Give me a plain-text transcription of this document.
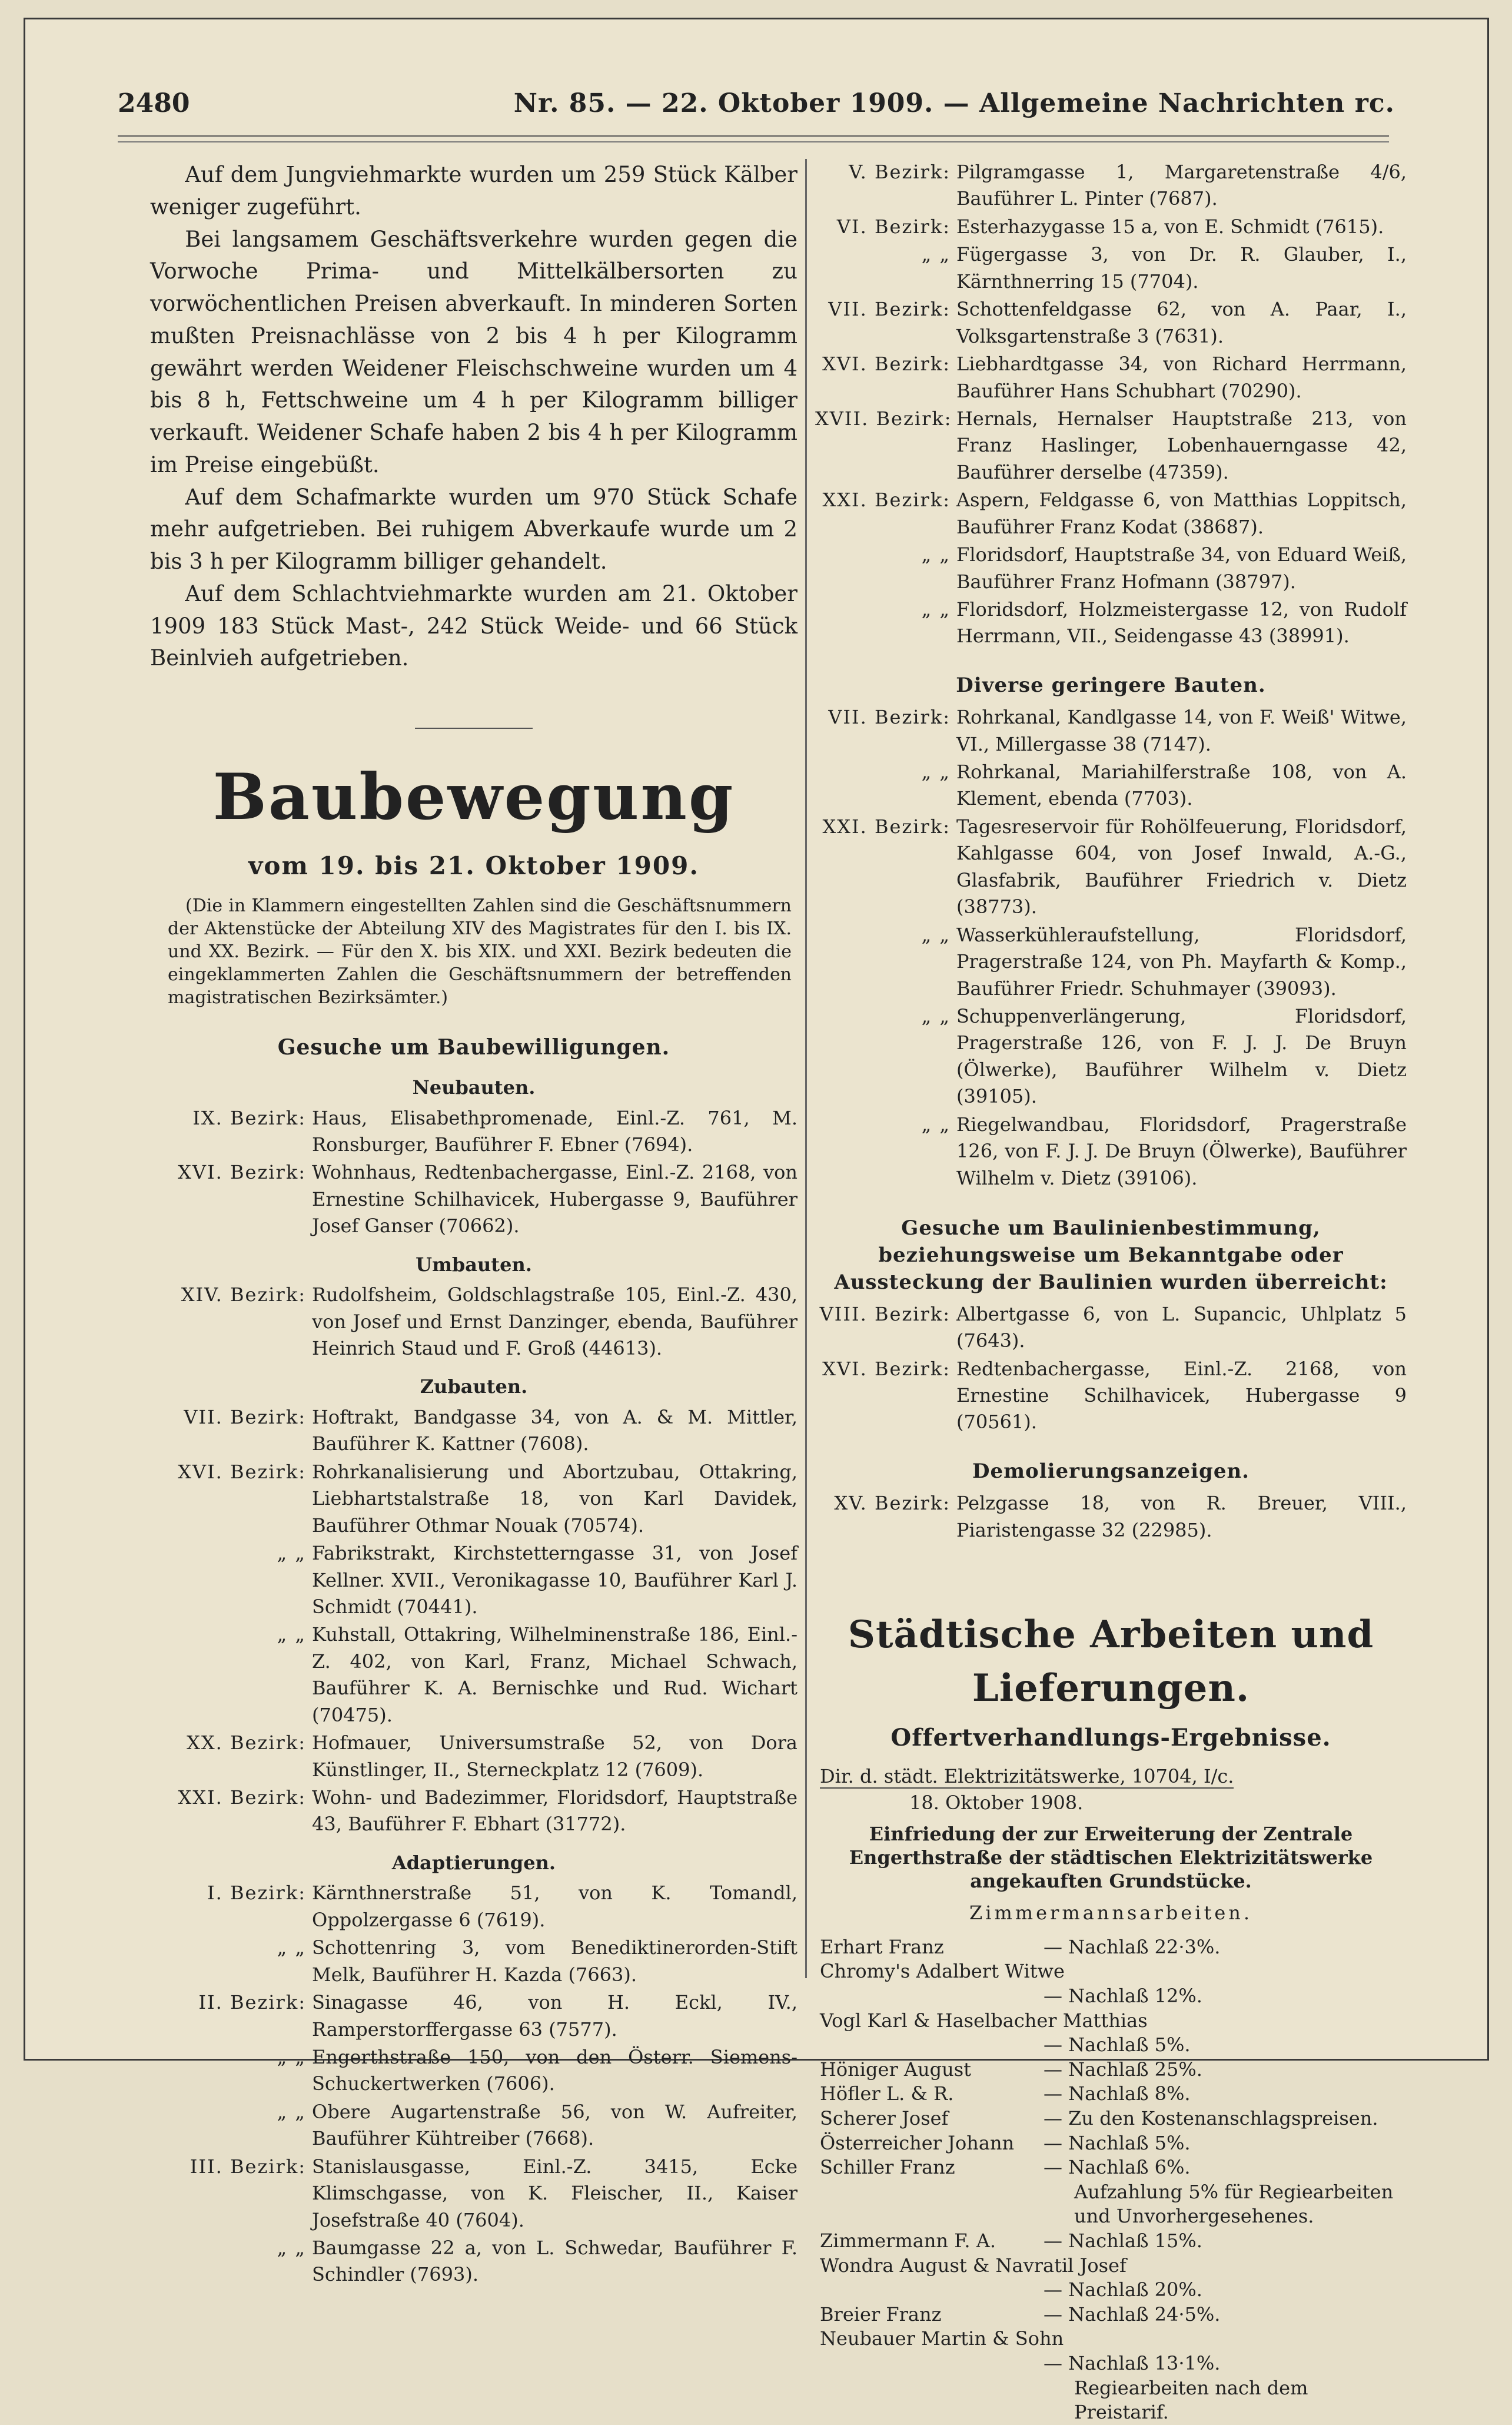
2480	Nr. 85. — 22. Oktober 1909. — Allgemeine Nachrichten rc.

Auf dem Jungviehmarkte wurden um 259 Stück Kälber weniger zugeführt.

Bei langsamem Geschäftsverkehre wurden gegen die Vorwoche Prima- und Mittelkälbersorten zu vorwöchentlichen Preisen abverkauft. In minderen Sorten mußten Preisnachlässe von 2 bis 4 h per Kilogramm gewährt werden Weidener Fleischschweine wurden um 4 bis 8 h, Fettschweine um 4 h per Kilogramm billiger verkauft. Weidener Schafe haben 2 bis 4 h per Kilogramm im Preise eingebüßt.

Auf dem Schafmarkte wurden um 970 Stück Schafe mehr aufgetrieben. Bei ruhigem Abverkaufe wurde um 2 bis 3 h per Kilogramm billiger gehandelt.

Auf dem Schlachtviehmarkte wurden am 21. Oktober 1909 183 Stück Mast-, 242 Stück Weide- und 66 Stück Beinlvieh aufgetrieben.

Baubewegung
vom 19. bis 21. Oktober 1909.
(Die in Klammern eingestellten Zahlen sind die Geschäftsnummern der Aktenstücke der Abteilung XIV des Magistrates für den I. bis IX. und XX. Bezirk. — Für den X. bis XIX. und XXI. Bezirk bedeuten die eingeklammerten Zahlen die Geschäftsnummern der betreffenden magistratischen Bezirksämter.)
Gesuche um Baubewilligungen.
Neubauten.
IX. Bezirk: Haus, Elisabethpromenade, Einl.-Z. 761, M. Ronsburger, Bauführer F. Ebner (7694).
XVI. Bezirk: Wohnhaus, Redtenbachergasse, Einl.-Z. 2168, von Ernestine Schilhavicek, Hubergasse 9, Bauführer Josef Ganser (70662).
Umbauten.
XIV. Bezirk: Rudolfsheim, Goldschlagstraße 105, Einl.-Z. 430, von Josef und Ernst Danzinger, ebenda, Bauführer Heinrich Staud und F. Groß (44613).
Zubauten.
VII. Bezirk: Hoftrakt, Bandgasse 34, von A. & M. Mittler, Bauführer K. Kattner (7608).
XVI. Bezirk: Rohrkanalisierung und Abortzubau, Ottakring, Liebhartstalstraße 18, von Karl Davidek, Bauführer Othmar Nouak (70574).
„ „ Fabrikstrakt, Kirchstetterngasse 31, von Josef Kellner. XVII., Veronikagasse 10, Bauführer Karl J. Schmidt (70441).
„ „ Kuhstall, Ottakring, Wilhelminenstraße 186, Einl.-Z. 402, von Karl, Franz, Michael Schwach, Bauführer K. A. Bernischke und Rud. Wichart (70475).
XX. Bezirk: Hofmauer, Universumstraße 52, von Dora Künstlinger, II., Sterneckplatz 12 (7609).
XXI. Bezirk: Wohn- und Badezimmer, Floridsdorf, Hauptstraße 43, Bauführer F. Ebhart (31772).
Adaptierungen.
I. Bezirk: Kärnthnerstraße 51, von K. Tomandl, Oppolzergasse 6 (7619).
„ „ Schottenring 3, vom Benediktinerorden-Stift Melk, Bauführer H. Kazda (7663).
II. Bezirk: Sinagasse 46, von H. Eckl, IV., Ramperstorffergasse 63 (7577).
„ „ Engerthstraße 150, von den Österr. Siemens-Schuckertwerken (7606).
„ „ Obere Augartenstraße 56, von W. Aufreiter, Bauführer Kühtreiber (7668).
III. Bezirk: Stanislausgasse, Einl.-Z. 3415, Ecke Klimschgasse, von K. Fleischer, II., Kaiser Josefstraße 40 (7604).
„ „ Baumgasse 22 a, von L. Schwedar, Bauführer F. Schindler (7693).
V. Bezirk: Pilgramgasse 1, Margaretenstraße 4/6, Bauführer L. Pinter (7687).
VI. Bezirk: Esterhazygasse 15 a, von E. Schmidt (7615).
„ „ Fügergasse 3, von Dr. R. Glauber, I., Kärnthnerring 15 (7704).
VII. Bezirk: Schottenfeldgasse 62, von A. Paar, I., Volksgartenstraße 3 (7631).
XVI. Bezirk: Liebhardtgasse 34, von Richard Herrmann, Bauführer Hans Schubhart (70290).
XVII. Bezirk: Hernals, Hernalser Hauptstraße 213, von Franz Haslinger, Lobenhauerngasse 42, Bauführer derselbe (47359).
XXI. Bezirk: Aspern, Feldgasse 6, von Matthias Loppitsch, Bauführer Franz Kodat (38687).
„ „ Floridsdorf, Hauptstraße 34, von Eduard Weiß, Bauführer Franz Hofmann (38797).
„ „ Floridsdorf, Holzmeistergasse 12, von Rudolf Herrmann, VII., Seidengasse 43 (38991).
Diverse geringere Bauten.
VII. Bezirk: Rohrkanal, Kandlgasse 14, von F. Weiß' Witwe, VI., Millergasse 38 (7147).
„ „ Rohrkanal, Mariahilferstraße 108, von A. Klement, ebenda (7703).
XXI. Bezirk: Tagesreservoir für Rohölfeuerung, Floridsdorf, Kahlgasse 604, von Josef Inwald, A.-G., Glasfabrik, Bauführer Friedrich v. Dietz (38773).
„ „ Wasserkühleraufstellung, Floridsdorf, Pragerstraße 124, von Ph. Mayfarth & Komp., Bauführer Friedr. Schuhmayer (39093).
„ „ Schuppenverlängerung, Floridsdorf, Pragerstraße 126, von F. J. J. De Bruyn (Ölwerke), Bauführer Wilhelm v. Dietz (39105).
„ „ Riegelwandbau, Floridsdorf, Pragerstraße 126, von F. J. J. De Bruyn (Ölwerke), Bauführer Wilhelm v. Dietz (39106).
Gesuche um Baulinienbestimmung, beziehungsweise um Bekanntgabe oder Aussteckung der Baulinien wurden überreicht:
VIII. Bezirk: Albertgasse 6, von L. Supancic, Uhlplatz 5 (7643).
XVI. Bezirk: Redtenbachergasse, Einl.-Z. 2168, von Ernestine Schilhavicek, Hubergasse 9 (70561).
Demolierungsanzeigen.
XV. Bezirk: Pelzgasse 18, von R. Breuer, VIII., Piaristengasse 32 (22985).
Städtische Arbeiten und Lieferungen.
Offertverhandlungs-Ergebnisse.
Dir. d. städt. Elektrizitätswerke, 10704, I/c.
18. Oktober 1908.
Einfriedung der zur Erweiterung der Zentrale Engerthstraße der städtischen Elektrizitätswerke angekauften Grundstücke.
Zimmermannsarbeiten.
Erhart Franz	— Nachlaß 22·3%.
Chromy's Adalbert Witwe
— Nachlaß 12%.
Vogl Karl & Haselbacher Matthias
— Nachlaß 5%.
Höniger August	— Nachlaß 25%.
Höfler L. & R.	— Nachlaß 8%.
Scherer Josef	— Zu den Kostenanschlagspreisen.
Österreicher Johann	— Nachlaß 5%.
Schiller Franz	— Nachlaß 6%.
Aufzahlung 5% für Regiearbeiten und Unvorhergesehenes.
Zimmermann F. A.	— Nachlaß 15%.
Wondra August & Navratil Josef
— Nachlaß 20%.
Breier Franz	— Nachlaß 24·5%.
Neubauer Martin & Sohn
— Nachlaß 13·1%.
Regiearbeiten nach dem Preistarif.
